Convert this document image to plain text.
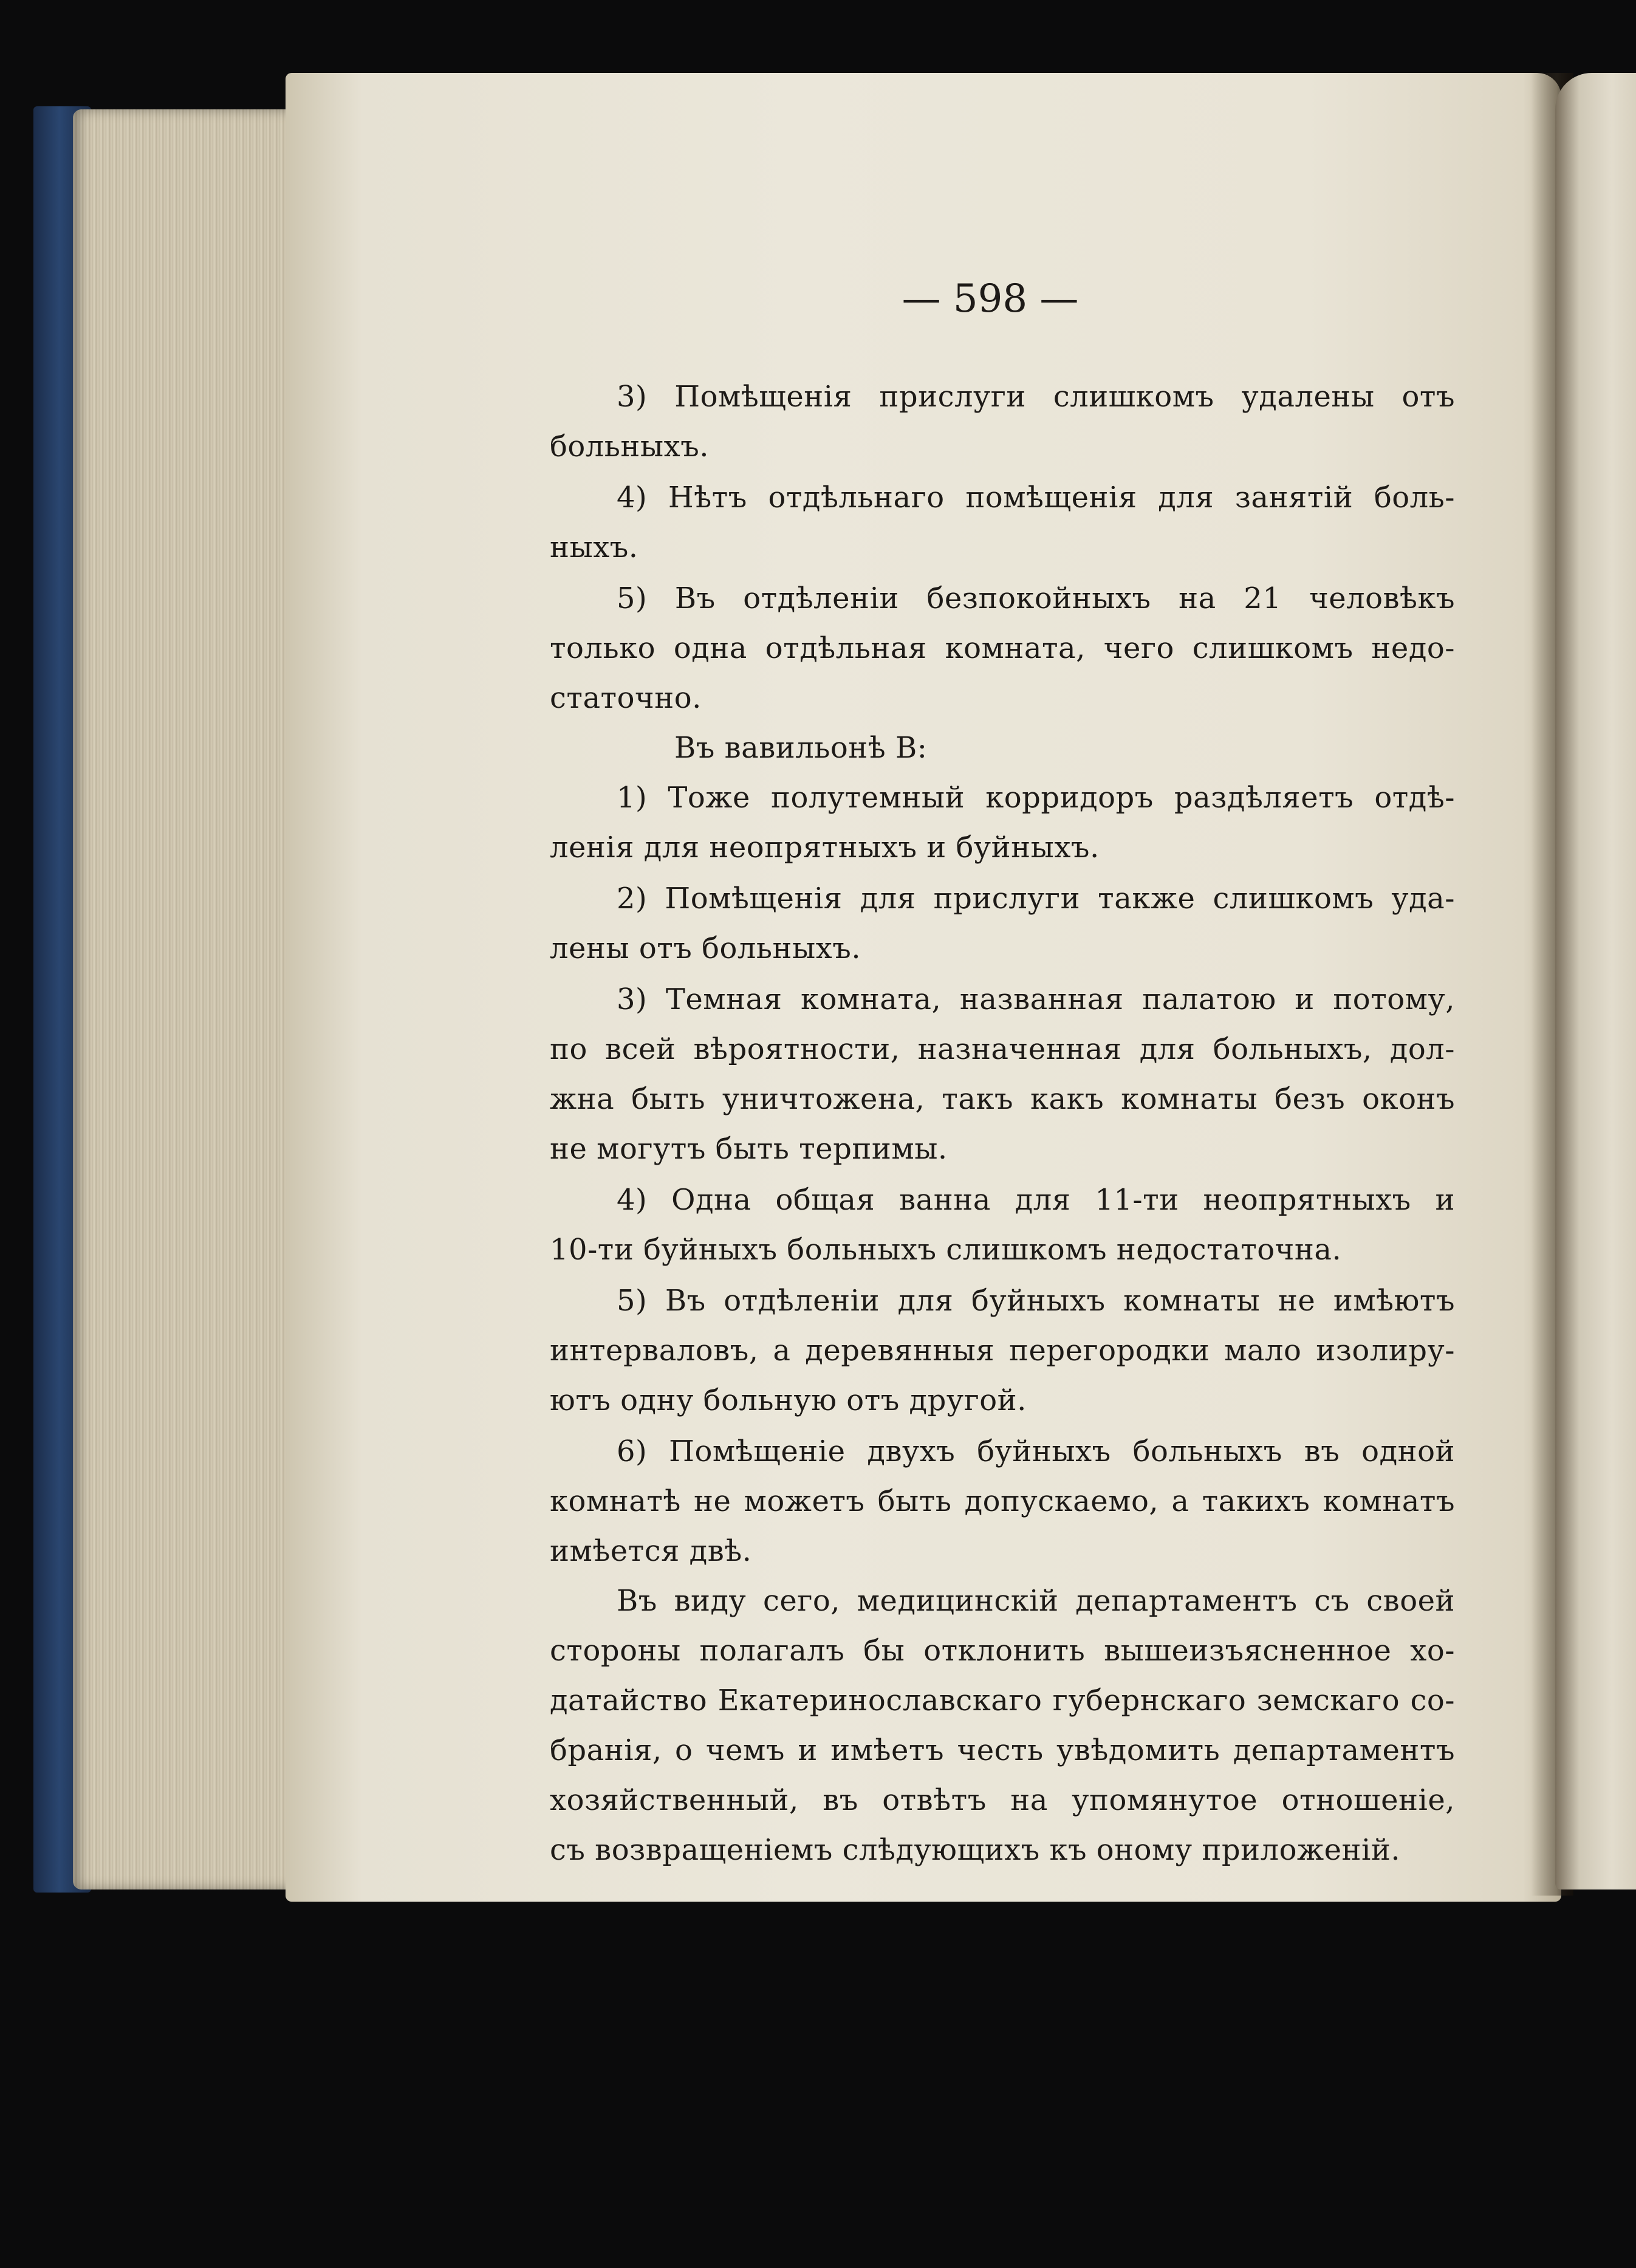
— 598 —
3) Помѣщенія прислуги слишкомъ удалены отъ
больныхъ.
4) Нѣтъ отдѣльнаго помѣщенія для занятій боль-
ныхъ.
5) Въ отдѣленіи безпокойныхъ на 21 человѣкъ
только одна отдѣльная комната, чего слишкомъ недо-
статочно.
Въ вавильонѣ В:
1) Тоже полутемный корридоръ раздѣляетъ отдѣ-
ленія для неопрятныхъ и буйныхъ.
2) Помѣщенія для прислуги также слишкомъ уда-
лены отъ больныхъ.
3) Темная комната, названная палатою и потому,
по всей вѣроятности, назначенная для больныхъ, дол-
жна быть уничтожена, такъ какъ комнаты безъ оконъ
не могутъ быть терпимы.
4) Одна общая ванна для 11-ти неопрятныхъ и
10-ти буйныхъ больныхъ слишкомъ недостаточна.
5) Въ отдѣленіи для буйныхъ комнаты не имѣютъ
интерваловъ, а деревянныя перегородки мало изолиру-
ютъ одну больную отъ другой.
6) Помѣщеніе двухъ буйныхъ больныхъ въ одной
комнатѣ не можетъ быть допускаемо, а такихъ комнатъ
имѣется двѣ.
Въ виду сего, медицинскій департаментъ съ своей
стороны полагалъ бы отклонить вышеизъясненное хо-
датайство Екатеринославскаго губернскаго земскаго со-
бранія, о чемъ и имѣетъ честь увѣдомить департаментъ
хозяйственный, въ отвѣтъ на упомянутое отношеніе,
съ возвращеніемъ слѣдующихъ къ оному приложеній.
